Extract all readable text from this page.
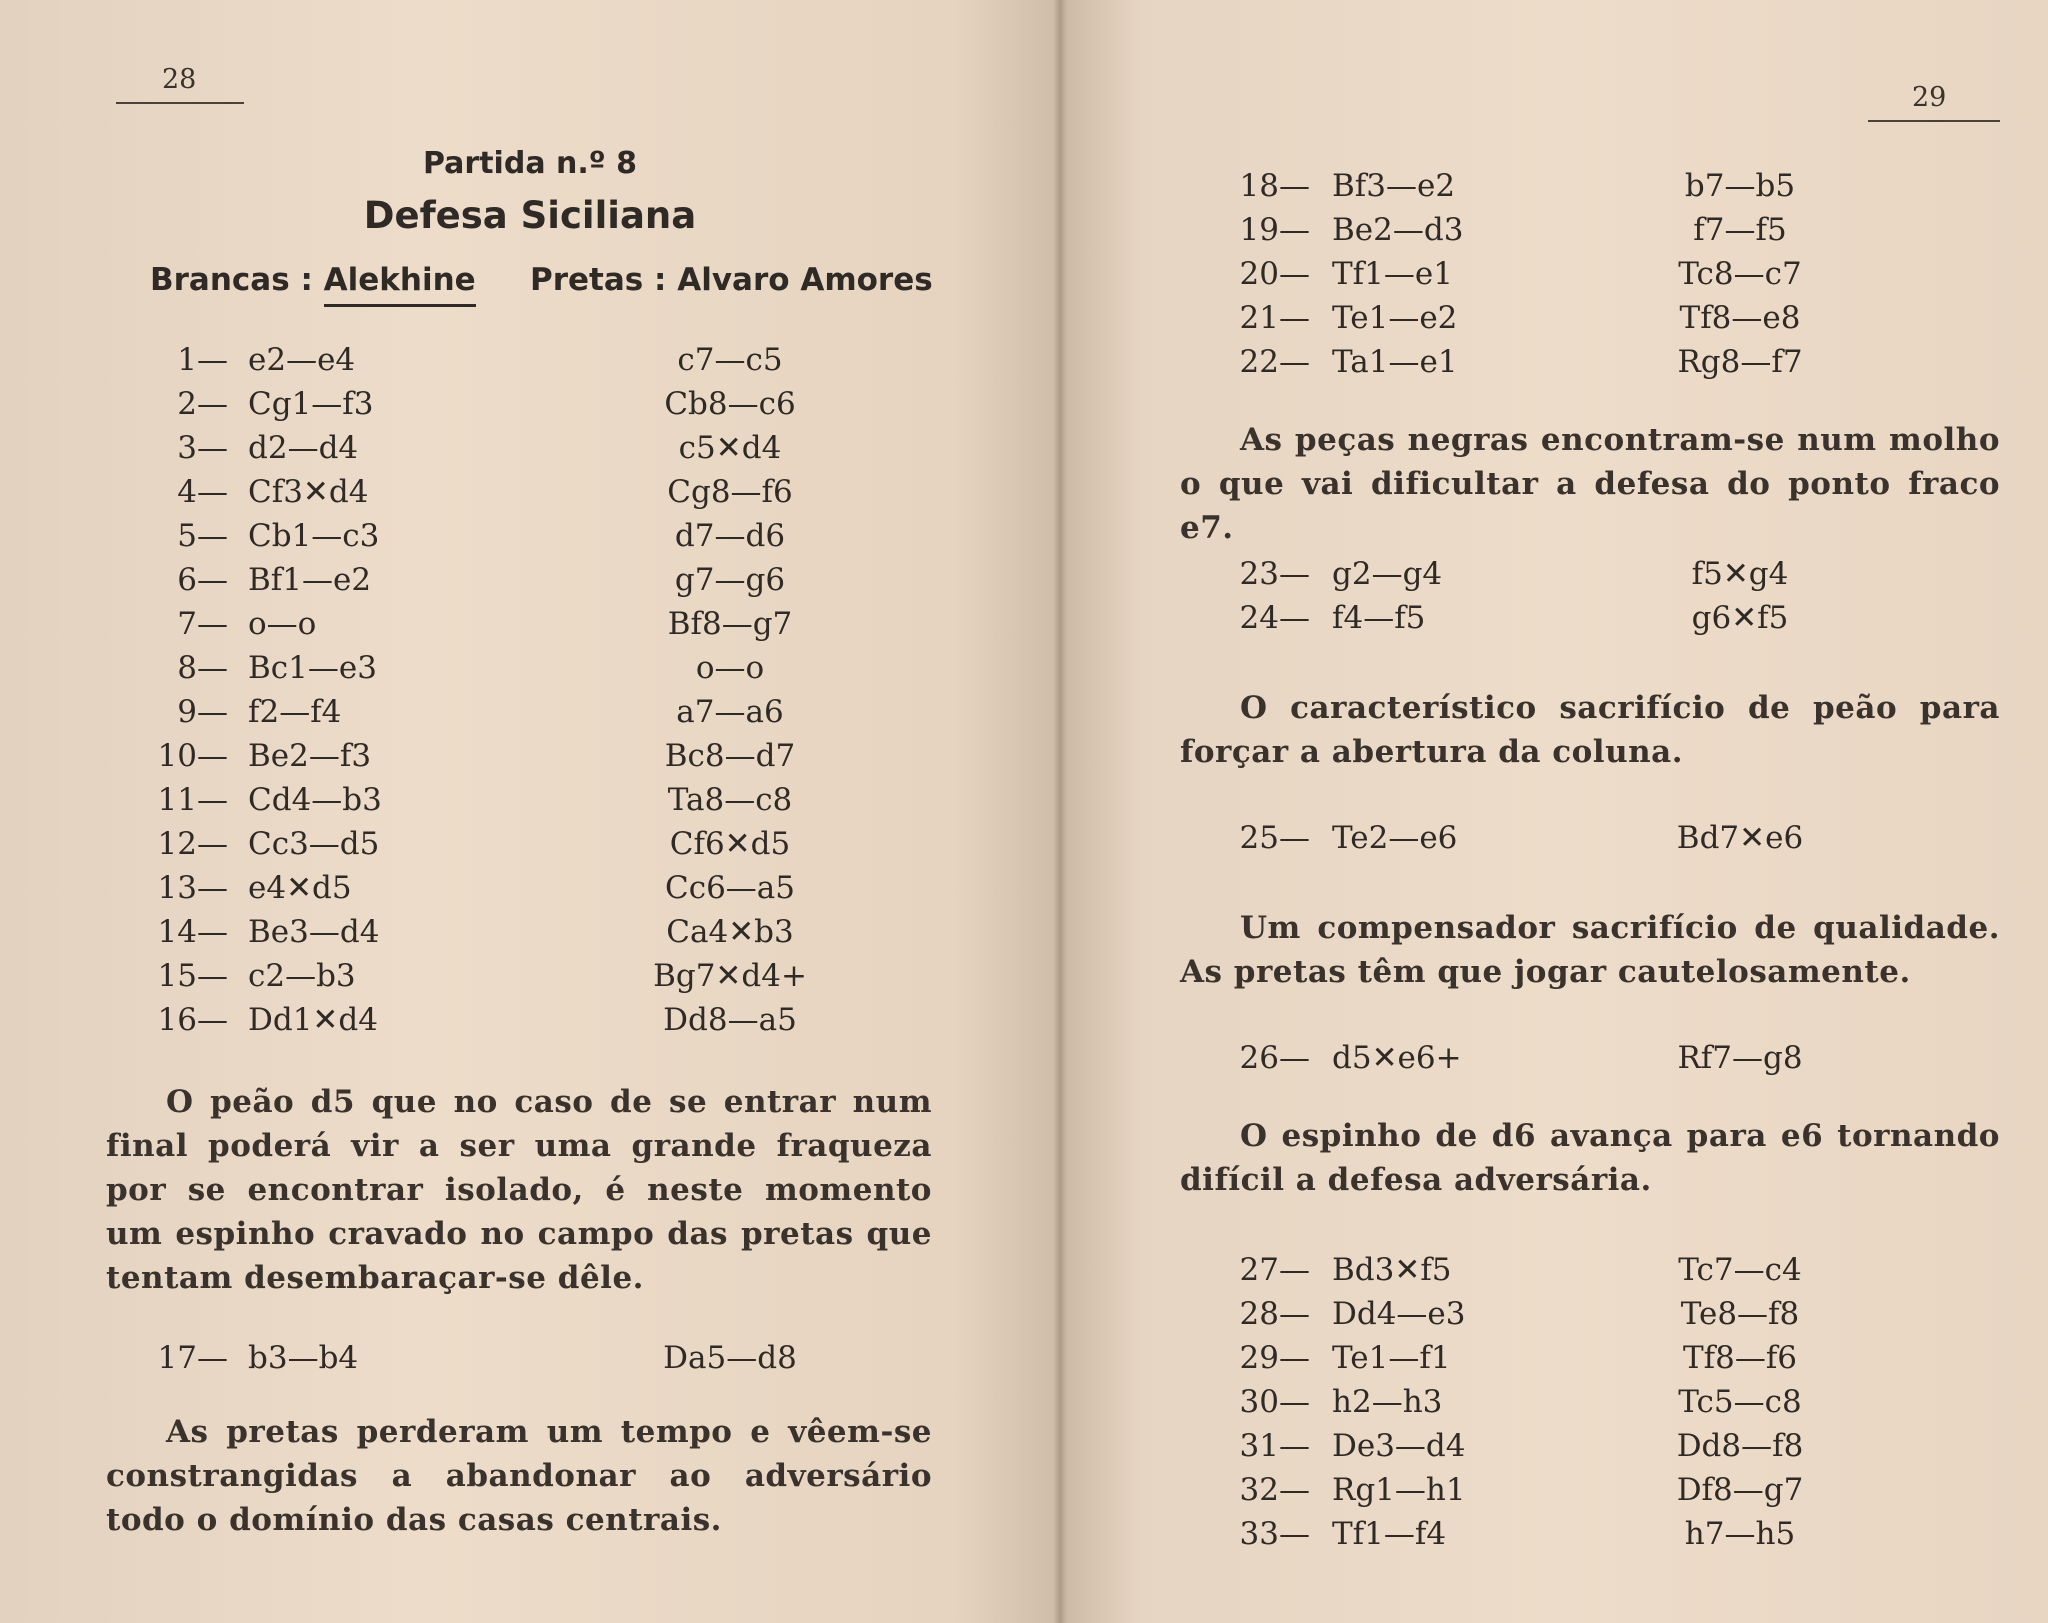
28
Partida n.º 8
Defesa Siciliana
Brancas : Alekhine Pretas : Alvaro Amores
1— e2—e4	c7—c5
2— Cg1—f3	Cb8—c6
3— d2—d4	c5✕d4
4— Cf3✕d4	Cg8—f6
5— Cb1—c3	d7—d6
6— Bf1—e2	g7—g6
7— o—o	Bf8—g7
8— Bc1—e3	o—o
9— f2—f4	a7—a6
10— Be2—f3	Bc8—d7
11— Cd4—b3	Ta8—c8
12— Cc3—d5	Cf6✕d5
13— e4✕d5	Cc6—a5
14— Be3—d4	Ca4✕b3
15— c2—b3	Bg7✕d4+
16— Dd1✕d4	Dd8—a5
O peão d5 que no caso de se entrar num final poderá vir a ser uma grande fraqueza por se encontrar isolado, é neste momento um espinho cravado no campo das pretas que tentam desembaraçar-se dêle.
17— b3—b4	Da5—d8
As pretas perderam um tempo e vêem-se constrangidas a abandonar ao adversário todo o domínio das casas centrais.
29
18— Bf3—e2	b7—b5
19— Be2—d3	f7—f5
20— Tf1—e1	Tc8—c7
21— Te1—e2	Tf8—e8
22— Ta1—e1	Rg8—f7
As peças negras encontram-se num molho o que vai dificultar a defesa do ponto fraco e7.
23— g2—g4	f5✕g4
24— f4—f5	g6✕f5
O característico sacrifício de peão para forçar a abertura da coluna.
25— Te2—e6	Bd7✕e6
Um compensador sacrifício de qualidade. As pretas têm que jogar cautelosamente.
26— d5✕e6+	Rf7—g8
O espinho de d6 avança para e6 tornando difícil a defesa adversária.
27— Bd3✕f5	Tc7—c4
28— Dd4—e3	Te8—f8
29— Te1—f1	Tf8—f6
30— h2—h3	Tc5—c8
31— De3—d4	Dd8—f8
32— Rg1—h1	Df8—g7
33— Tf1—f4	h7—h5
